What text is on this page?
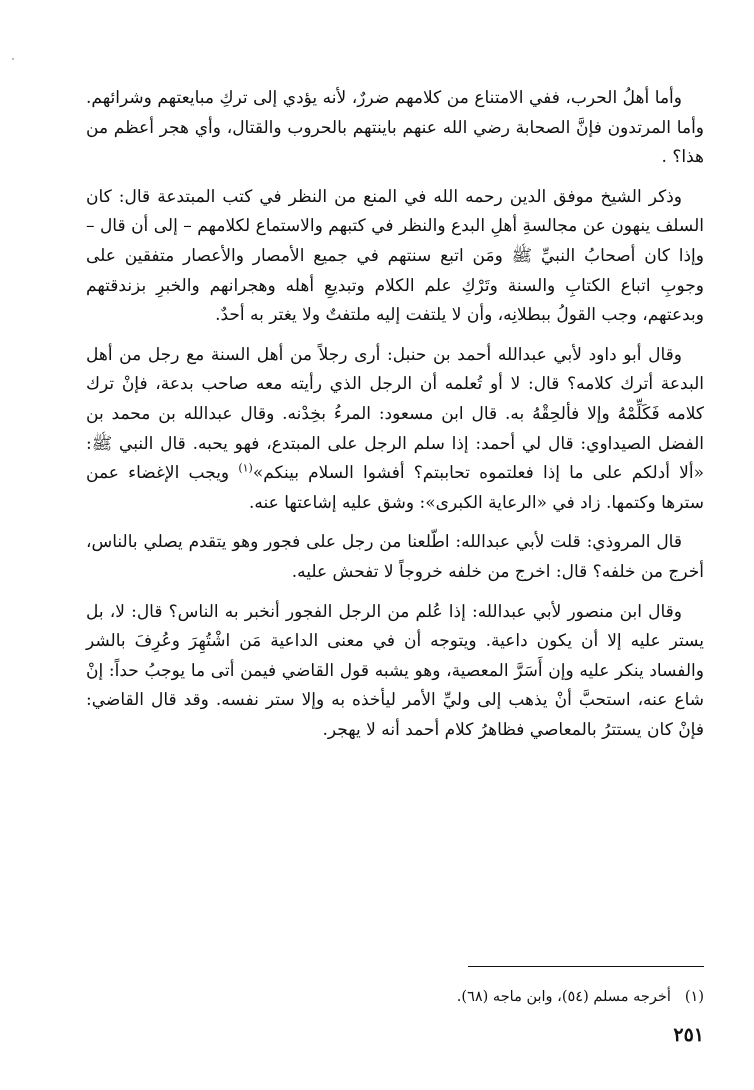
وأما أهلُ الحرب، ففي الامتناع من كلامهم ضررٌ، لأنه يؤدي إلى تركِ مبايعتهم وشرائهم. وأما المرتدون فإنَّ الصحابة رضي الله عنهم باينتهم بالحروب والقتال، وأي هجر أعظم من هذا؟ .

وذكر الشيخ موفق الدين رحمه الله في المنع من النظر في كتب المبتدعة قال: كان السلف ينهون عن مجالسةِ أهلِ البدع والنظر في كتبهم والاستماع لكلامهم – إلى أن قال – وإذا كان أصحابُ النبيِّ ﷺ ومَن اتبع سنتهم في جميع الأمصار والأعصار متفقين على وجوبِ اتباع الكتابِ والسنة وتَرْكِ علم الكلام وتبديعِ أهله وهجرانهم والخبرِ بزندقتهم وبدعتهم، وجب القولُ ببطلانِه، وأن لا يلتفت إليه ملتفتٌ ولا يغتر به أحدٌ.

وقال أبو داود لأبي عبدالله أحمد بن حنبل: أرى رجلاً من أهل السنة مع رجل من أهل البدعة أترك كلامه؟ قال: لا أو تُعلمه أن الرجل الذي رأيته معه صاحب بدعة، فإنْ ترك كلامه فَكَلِّمْهُ وإلا فألحِقْهُ به. قال ابن مسعود: المرءُ بخِدْنه. وقال عبدالله بن محمد بن الفضل الصيداوي: قال لي أحمد: إذا سلم الرجل على المبتدع، فهو يحبه. قال النبي ﷺ: «ألا أدلكم على ما إذا فعلتموه تحاببتم؟ أفشوا السلام بينكم»$^{(١)}$ ويجب الإغضاء عمن سترها وكتمها. زاد في «الرعاية الكبرى»: وشق عليه إشاعتها عنه.

قال المروذي: قلت لأبي عبدالله: اطّلعنا من رجل على فجور وهو يتقدم يصلي بالناس، أخرج من خلفه؟ قال: اخرج من خلفه خروجاً لا تفحش عليه.

وقال ابن منصور لأبي عبدالله: إذا عُلم من الرجل الفجور أنخبر به الناس؟ قال: لا، بل يستر عليه إلا أن يكون داعية. ويتوجه أن في معنى الداعية مَن اشْتُهِرَ وعُرِفَ بالشر والفساد ينكر عليه وإن أَسَرَّ المعصية، وهو يشبه قول القاضي فيمن أتى ما يوجبُ حداً: إنْ شاع عنه، استحبَّ أنْ يذهب إلى وليِّ الأمر ليأخذه به وإلا ستر نفسه. وقد قال القاضي: فإنْ كان يستترُ بالمعاصي فظاهرُ كلام أحمد أنه لا يهجر.

(١)أخرجه مسلم (٥٤)، وابن ماجه (٦٨).
٢٥١
